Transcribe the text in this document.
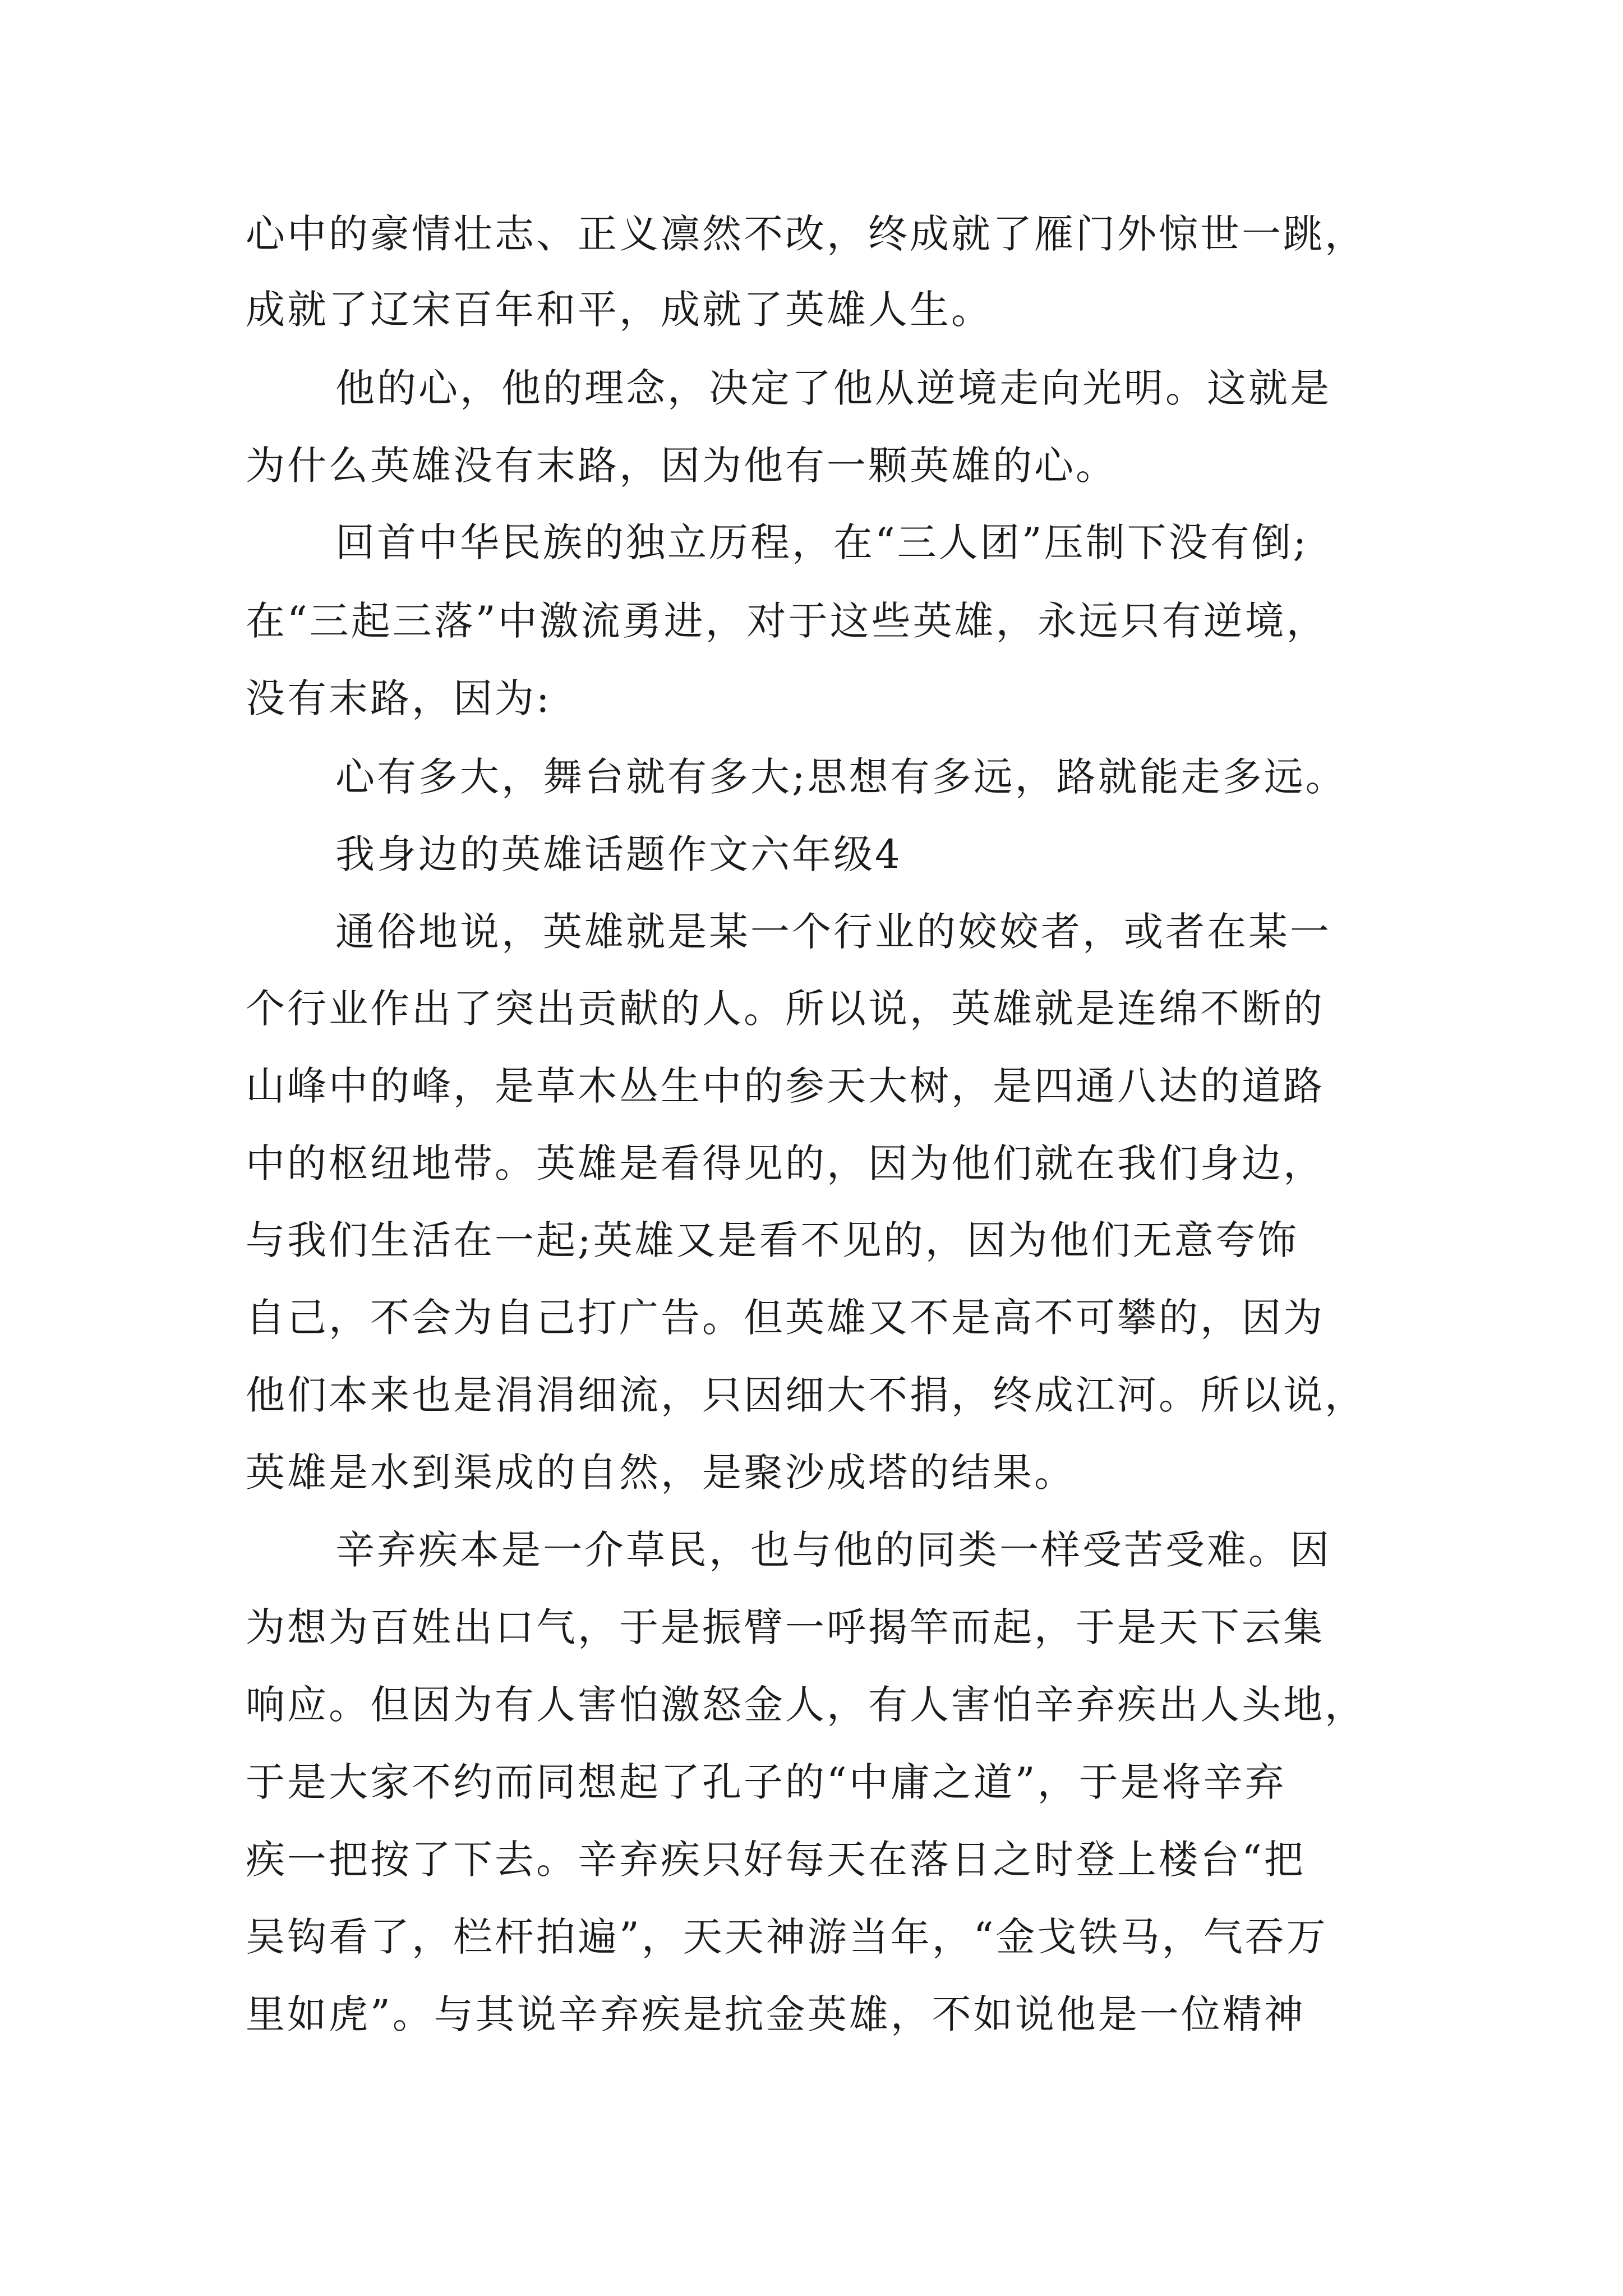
心中的豪情壮志、正义凛然不改，终成就了雁门外惊世一跳，
成就了辽宋百年和平，成就了英雄人生。
他的心，他的理念，决定了他从逆境走向光明。这就是
为什么英雄没有末路，因为他有一颗英雄的心。
回首中华民族的独立历程，在“三人团”压制下没有倒;
在“三起三落”中激流勇进，对于这些英雄，永远只有逆境，
没有末路，因为:
心有多大，舞台就有多大;思想有多远，路就能走多远。
我身边的英雄话题作文六年级4
通俗地说，英雄就是某一个行业的姣姣者，或者在某一
个行业作出了突出贡献的人。所以说，英雄就是连绵不断的
山峰中的峰，是草木丛生中的参天大树，是四通八达的道路
中的枢纽地带。英雄是看得见的，因为他们就在我们身边，
与我们生活在一起;英雄又是看不见的，因为他们无意夸饰
自己，不会为自己打广告。但英雄又不是高不可攀的，因为
他们本来也是涓涓细流，只因细大不捐，终成江河。所以说，
英雄是水到渠成的自然，是聚沙成塔的结果。
辛弃疾本是一介草民，也与他的同类一样受苦受难。因
为想为百姓出口气，于是振臂一呼揭竿而起，于是天下云集
响应。但因为有人害怕激怒金人，有人害怕辛弃疾出人头地，
于是大家不约而同想起了孔子的“中庸之道”，于是将辛弃
疾一把按了下去。辛弃疾只好每天在落日之时登上楼台“把
吴钩看了，栏杆拍遍”，天天神游当年，“金戈铁马，气吞万
里如虎”。与其说辛弃疾是抗金英雄，不如说他是一位精神
